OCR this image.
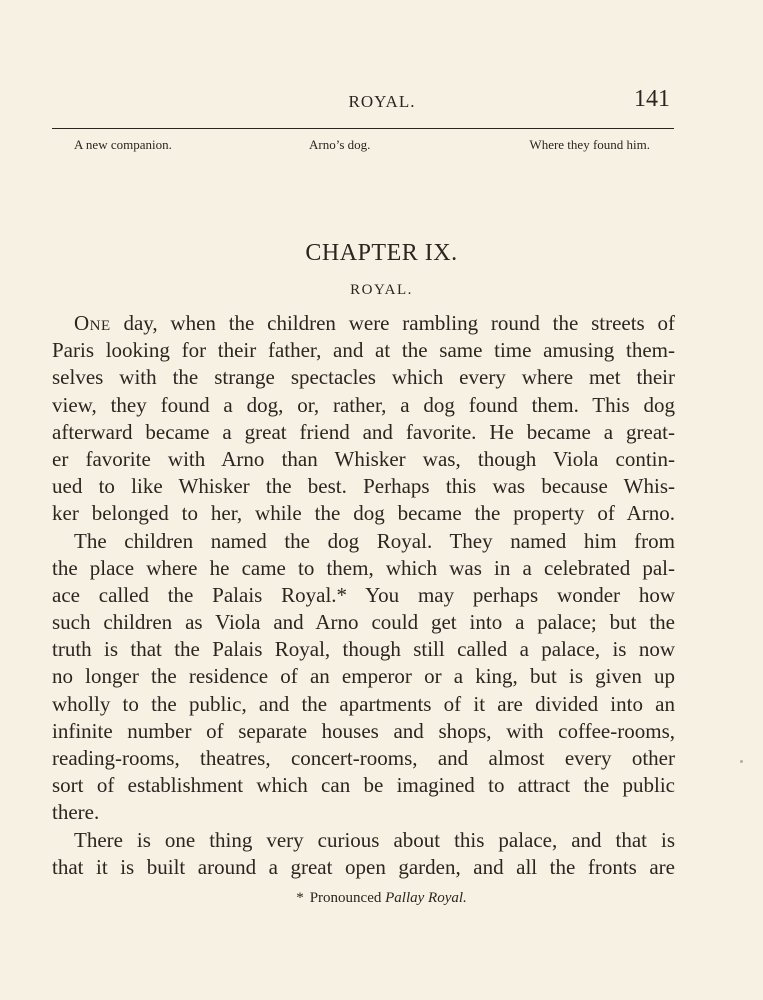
ROYAL.	141
A new companion.	Arno’s dog.	Where they found him.
CHAPTER IX.
ROYAL.
One day, when the children were rambling round the streets of
Paris looking for their father, and at the same time amusing them-
selves with the strange spectacles which every where met their
view, they found a dog, or, rather, a dog found them. This dog
afterward became a great friend and favorite. He became a great-
er favorite with Arno than Whisker was, though Viola contin-
ued to like Whisker the best. Perhaps this was because Whis-
ker belonged to her, while the dog became the property of Arno.
The children named the dog Royal. They named him from
the place where he came to them, which was in a celebrated pal-
ace called the Palais Royal.* You may perhaps wonder how
such children as Viola and Arno could get into a palace; but the
truth is that the Palais Royal, though still called a palace, is now
no longer the residence of an emperor or a king, but is given up
wholly to the public, and the apartments of it are divided into an
infinite number of separate houses and shops, with coffee-rooms,
reading-rooms, theatres, concert-rooms, and almost every other
sort of establishment which can be imagined to attract the public
there.
There is one thing very curious about this palace, and that is
that it is built around a great open garden, and all the fronts are
* Pronounced Pallay Royal.
